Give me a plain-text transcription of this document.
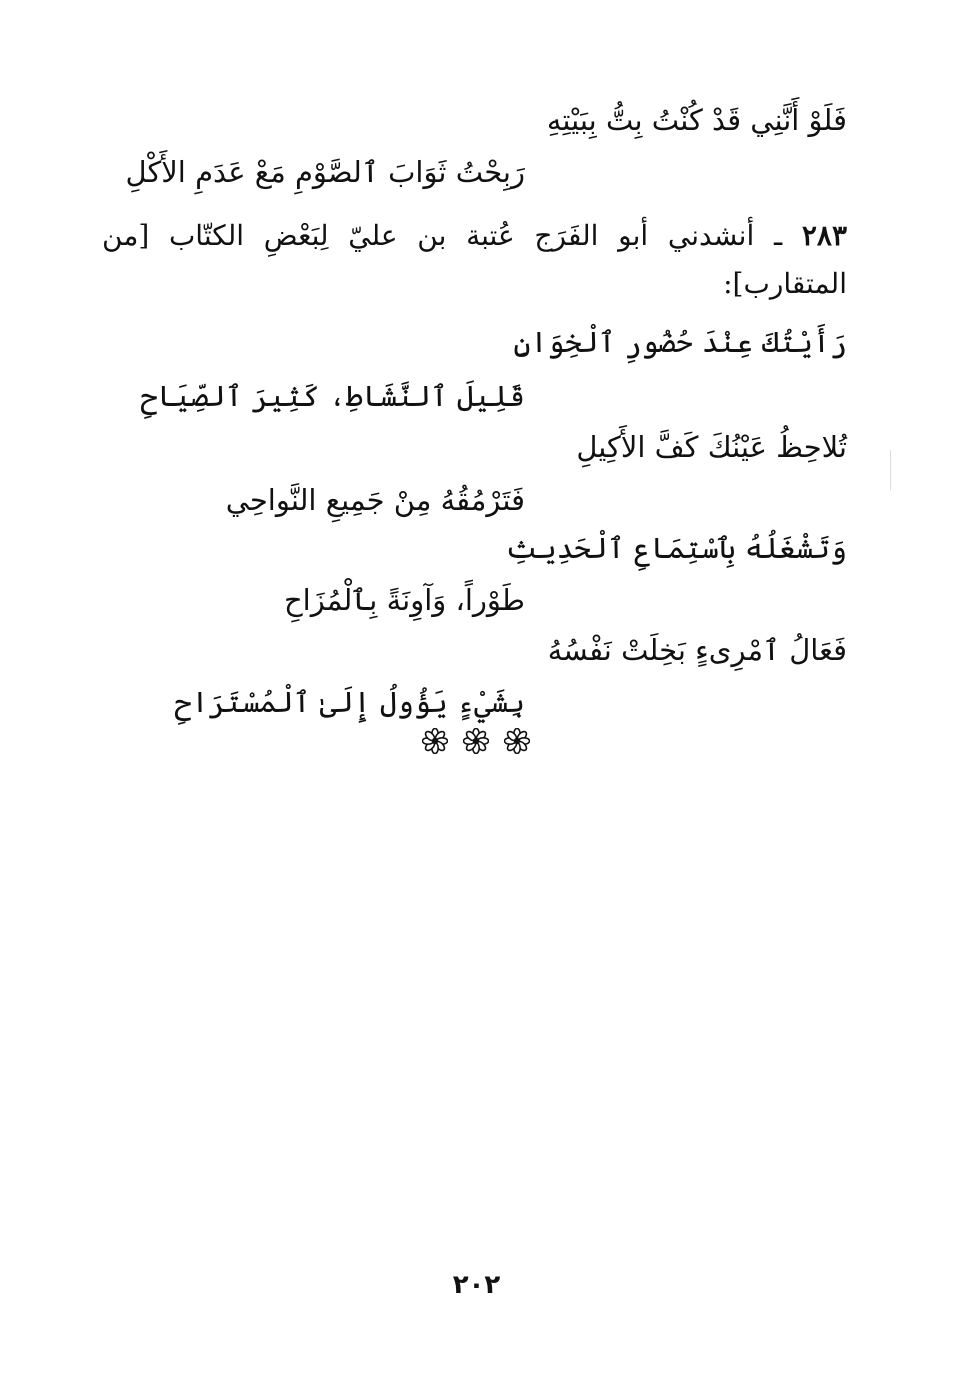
فَلَوْ أَنَّنِي قَدْ كُنْتُ بِتُّ بِبَيْتِهِ
رَبِحْتُ ثَوَابَ ٱلصَّوْمِ مَعْ عَدَمِ الأَكْلِ
٢٨٣ ـ أنشدني أبو الفَرَج عُتبة بن عليّ لِبَعْضِ الكتّاب [من المتقارب]:
رَأَيْتُكَ عِنْدَ حُضُورِ ٱلْخِوَانِ
قَلِيلَ ٱلنَّشَاطِ، كَثِيرَ ٱلصِّيَاحِ
تُلاحِظُ عَيْنُكَ كَفَّ الأَكِيلِ
فَتَرْمُقُهُ مِنْ جَمِيعِ النَّواحِي
وَتَشْغَلُهُ بِٱسْتِمَاعِ ٱلْحَدِيثِ
طَوْراً، وَآوِنَةً بِٱلْمُزَاحِ
فَعَالُ ٱمْرِىءٍ بَخِلَتْ نَفْسُهُ
بِشَيْءٍ يَؤُولُ إِلَىٰ ٱلْمُسْتَرَاحِ
٢٠٢
